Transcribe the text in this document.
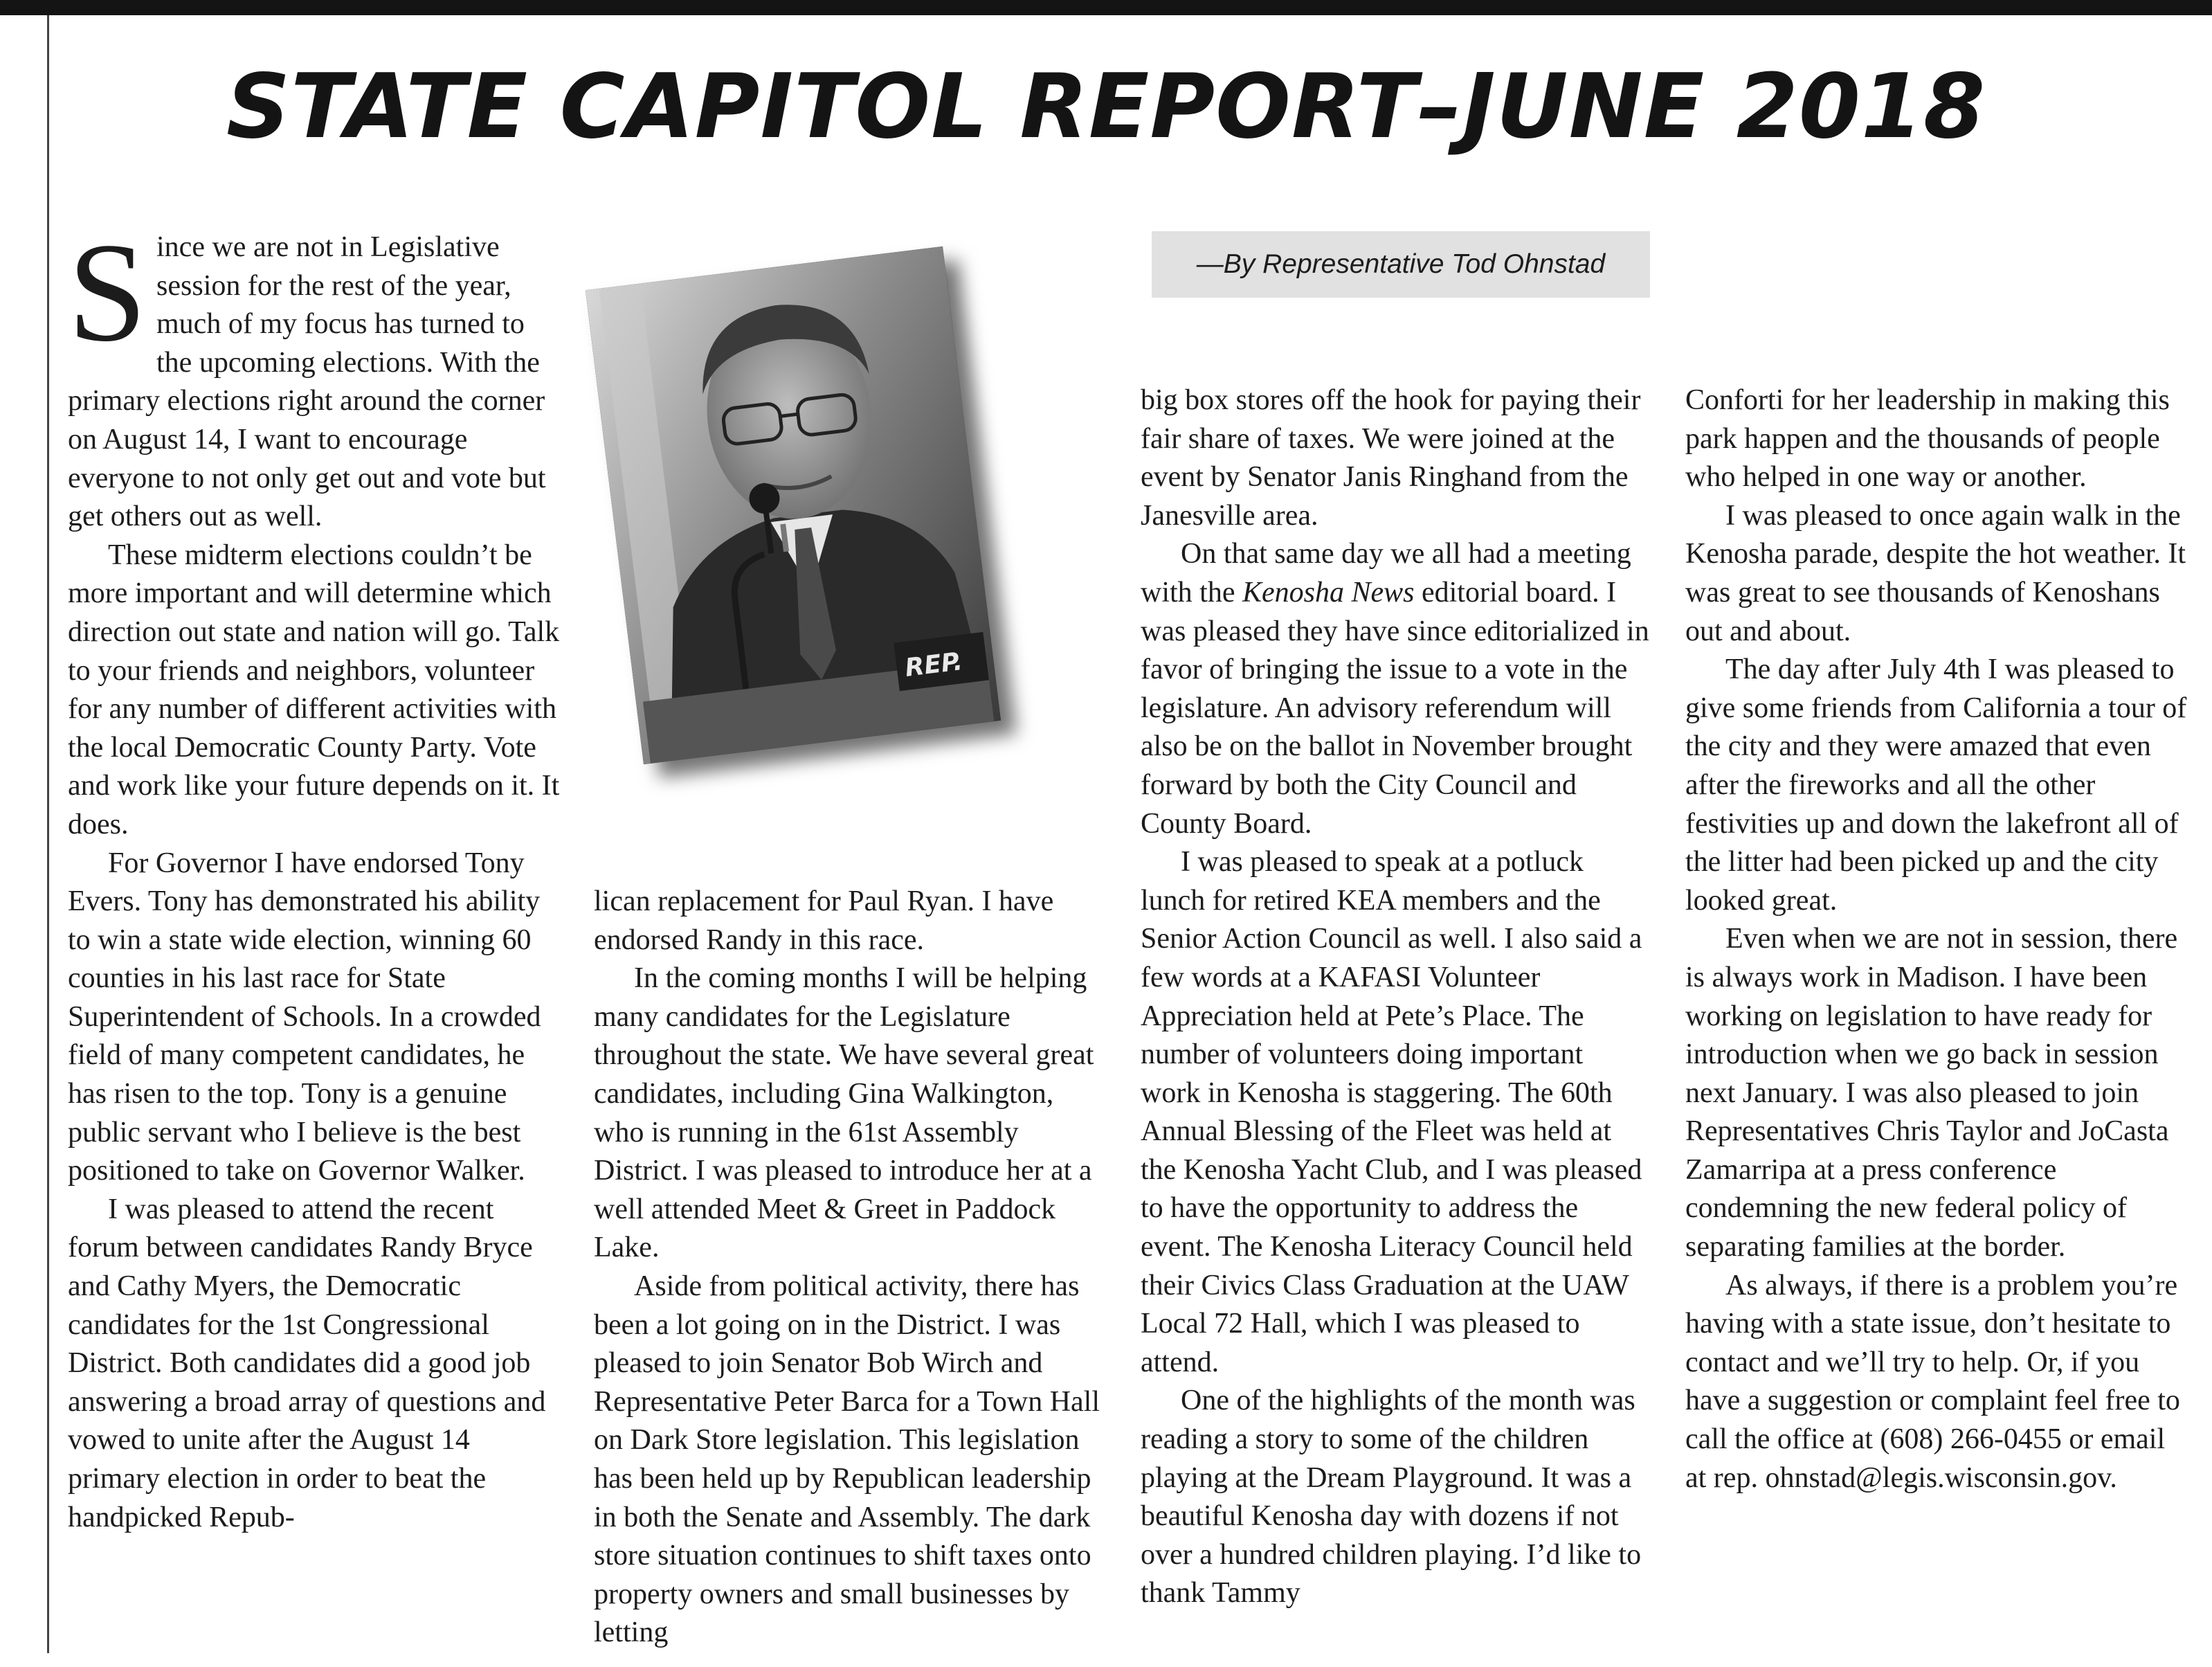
STATE CAPITOL REPORT–JUNE 2018
—By Representative Tod Ohnstad
REP.

Since we are not in Legislative session for the rest of the year, much of my focus has turned to the upcoming elections. With the primary elections right around the corner on August 14, I want to encourage everyone to not only get out and vote but get others out as well.

These midterm elections couldn’t be more important and will determine which direction out state and nation will go. Talk to your friends and neighbors, volunteer for any number of different activities with the local Democratic County Party. Vote and work like your future depends on it. It does.

For Governor I have endorsed Tony Evers. Tony has demonstrated his ability to win a state wide election, winning 60 counties in his last race for State Superintendent of Schools. In a crowded field of many competent candidates, he has risen to the top. Tony is a genuine public servant who I believe is the best positioned to take on Governor Walker.

I was pleased to attend the recent forum between candidates Randy Bryce and Cathy Myers, the Democratic candidates for the 1st Congressional District. Both candidates did a good job answering a broad array of questions and vowed to unite after the August 14 primary election in order to beat the handpicked Repub-

lican replacement for Paul Ryan. I have endorsed Randy in this race.

In the coming months I will be helping many candidates for the Legislature throughout the state. We have several great candidates, including Gina Walkington, who is running in the 61st Assembly District. I was pleased to introduce her at a well attended Meet & Greet in Paddock Lake.

Aside from political activity, there has been a lot going on in the District. I was pleased to join Senator Bob Wirch and Representative Peter Barca for a Town Hall on Dark Store legislation. This legislation has been held up by Republican leadership in both the Senate and Assembly. The dark store situation continues to shift taxes onto property owners and small businesses by letting

big box stores off the hook for paying their fair share of taxes. We were joined at the event by Senator Janis Ringhand from the Janesville area.

On that same day we all had a meeting with the Kenosha News editorial board. I was pleased they have since editorialized in favor of bringing the issue to a vote in the legislature. An advisory referendum will also be on the ballot in November brought forward by both the City Council and County Board.

I was pleased to speak at a potluck lunch for retired KEA members and the Senior Action Council as well. I also said a few words at a KAFASI Volunteer Appreciation held at Pete’s Place. The number of volunteers doing important work in Kenosha is staggering. The 60th Annual Blessing of the Fleet was held at the Kenosha Yacht Club, and I was pleased to have the opportunity to address the event. The Kenosha Literacy Council held their Civics Class Graduation at the UAW Local 72 Hall, which I was pleased to attend.

One of the highlights of the month was reading a story to some of the children playing at the Dream Playground. It was a beautiful Kenosha day with dozens if not over a hundred children playing. I’d like to thank Tammy

Conforti for her leadership in making this park happen and the thousands of people who helped in one way or another.

I was pleased to once again walk in the Kenosha parade, despite the hot weather. It was great to see thousands of Kenoshans out and about.

The day after July 4th I was pleased to give some friends from California a tour of the city and they were amazed that even after the fireworks and all the other festivities up and down the lakefront all of the litter had been picked up and the city looked great.

Even when we are not in session, there is always work in Madison. I have been working on legislation to have ready for introduction when we go back in session next January. I was also pleased to join Representatives Chris Taylor and JoCasta Zamarripa at a press conference condemning the new federal policy of separating families at the border.

As always, if there is a problem you’re having with a state issue, don’t hesitate to contact and we’ll try to help. Or, if you have a suggestion or complaint feel free to call the office at (608) 266-0455 or email at rep. ohnstad@legis.wisconsin.gov.
